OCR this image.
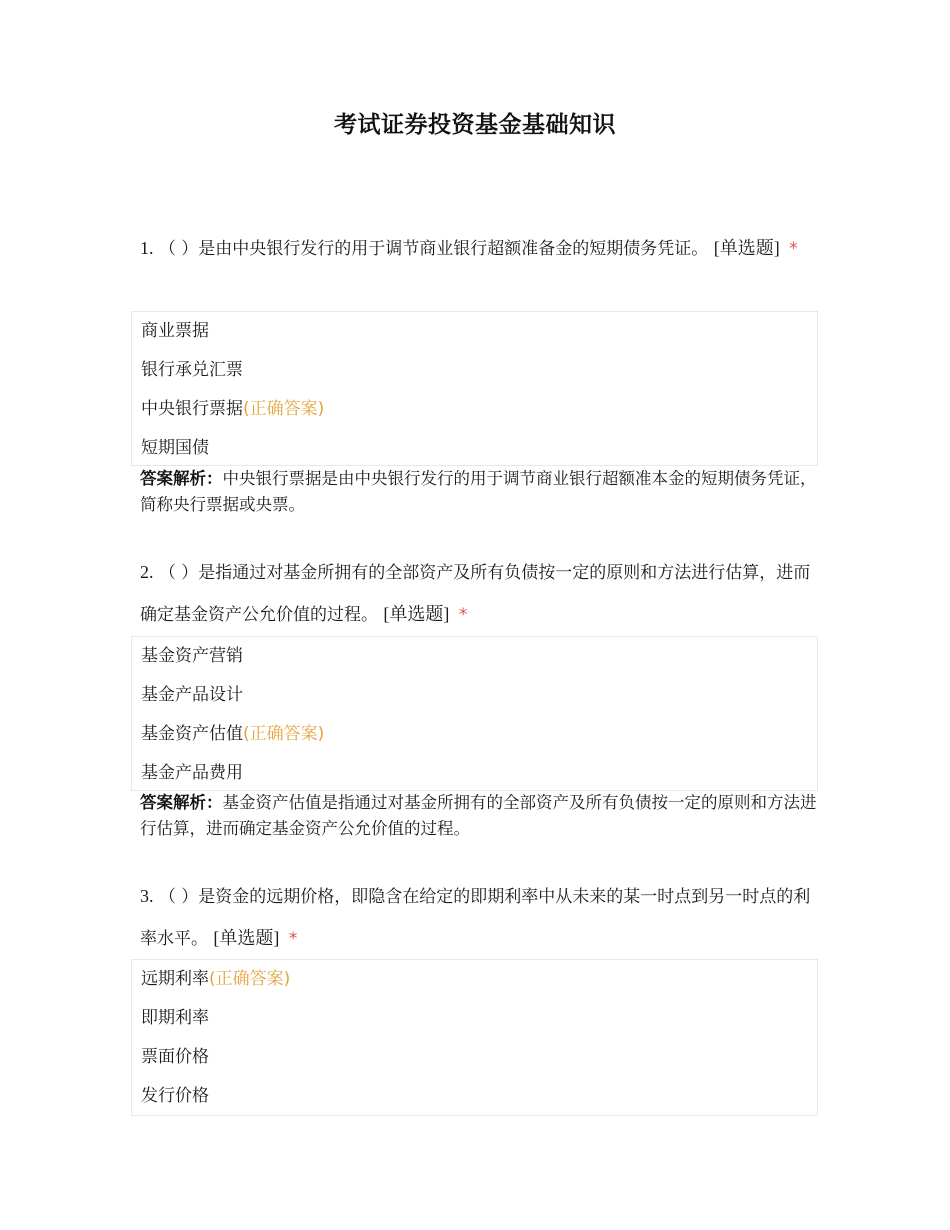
考试证券投资基金基础知识
1. （ ）是由中央银行发行的用于调节商业银行超额准备金的短期债务凭证。 [单选题] *
商业票据
银行承兑汇票
中央银行票据(正确答案)
短期国债
答案解析：中央银行票据是由中央银行发行的用于调节商业银行超额准本金的短期债务凭证，简称央行票据或央票。
2. （ ）是指通过对基金所拥有的全部资产及所有负债按一定的原则和方法进行估算，进而确定基金资产公允价值的过程。 [单选题] *
基金资产营销
基金产品设计
基金资产估值(正确答案)
基金产品费用
答案解析：基金资产估值是指通过对基金所拥有的全部资产及所有负债按一定的原则和方法进行估算，进而确定基金资产公允价值的过程。
3. （ ）是资金的远期价格，即隐含在给定的即期利率中从未来的某一时点到另一时点的利率水平。 [单选题] *
远期利率(正确答案)
即期利率
票面价格
发行价格
